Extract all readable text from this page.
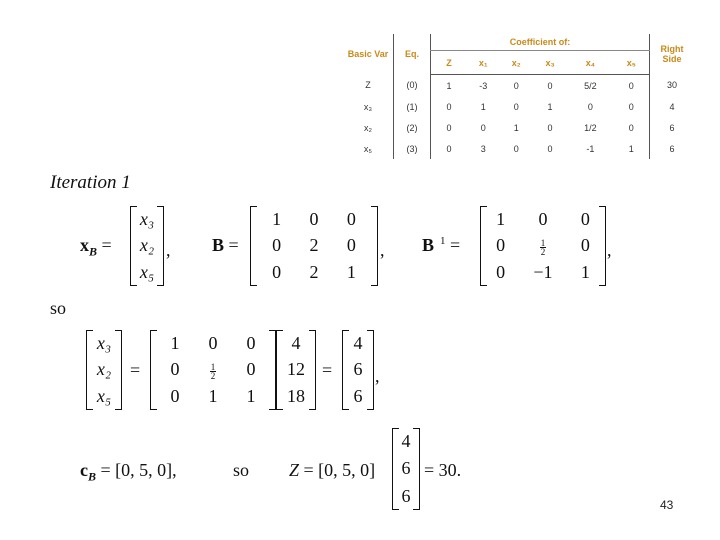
Basic Var	Eq.	Coefficient of:						Right Side
		Z	x₁	x₂	x₃	x₄	x₅	
Z	(0)	1	-3	0	0	5/2	0	30
x₃	(1)	0	1	0	1	0	0	4
x₂	(2)	0	0	1	0	1/2	0	6
x₅	(3)	0	3	0	0	-1	1	6
Iteration 1
$x_B$ =
x₃
x₂
x₅
, B =
1	0	0
0	2	0
0	2	1
, B $^1$ =
1	0	0
0	$\frac{1}{2}$	0
0	−1	1
,
so
x₃
x₂
x₅
=
1	0	0
0	$\frac{1}{2}$	0
0	1	1
4
12
18
=
4
6
6
,
$c_B = [0$, 5, 0],	so Z = [0, 5, 0]
4
6
6
= 30.
43
